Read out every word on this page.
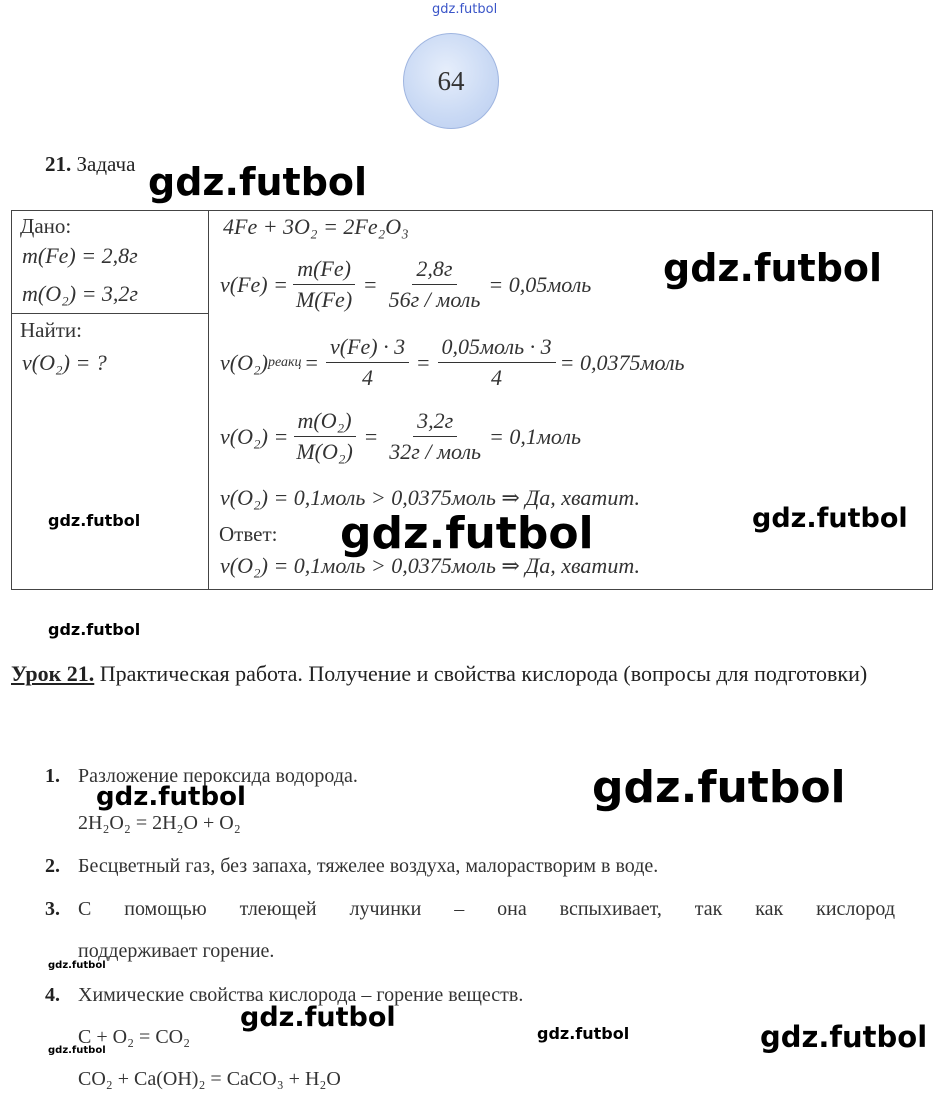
gdz.futbol
64
21. Задача gdz.futbol
Дано:
m(Fe) = 2,8г
m(O₂) = 3,2г
Найти:
ν(O₂) = ?
4Fe + 3O₂ = 2Fe₂O₃
$\nu(Fe) = \frac{m(Fe)}{M(Fe)} = \frac{2,8г}{\text{56г / моль}}$ = 0,05моль gdz.futbol
ν(O₂) реакц = $\frac{\nu(Fe) \cdot 3}{4} = \frac{\text{0,05моль · 3}}{4}$ = 0,0375моль
$\nu(O_2) = \frac{\text{m(O₂)}}{\text{M(O₂)}} = \frac{3,2г}{\text{32г / моль}}$ = 0,1моль
ν(O₂) = 0,1моль > 0,0375моль ⇒ Да, хватит.
gdz.futbol	gdz.futbol
Ответ: gdz.futbol
ν(O₂) = 0,1моль > 0,0375моль ⇒ Да, хватит.
gdz.futbol
Урок 21. Практическая работа. Получение и свойства кислорода (вопросы для подготовки)
1. Разложение пероксида водорода.
gdz.futbol	gdz.futbol
2H₂O₂ = 2H₂O + O₂
2. Бесцветный газ, без запаха, тяжелее воздуха, малорастворим в воде.
3. С помощью тлеющей лучинки – она вспыхивает, так как кислород
поддерживает горение.
gdz.futbol
4. Химические свойства кислорода – горение веществ.
gdz.futbol
C + O₂ = CO₂
gdz.futbol
gdz.futbol	gdz.futbol
CO₂ + Ca(OH)₂ = CaCO₃ + H₂O
